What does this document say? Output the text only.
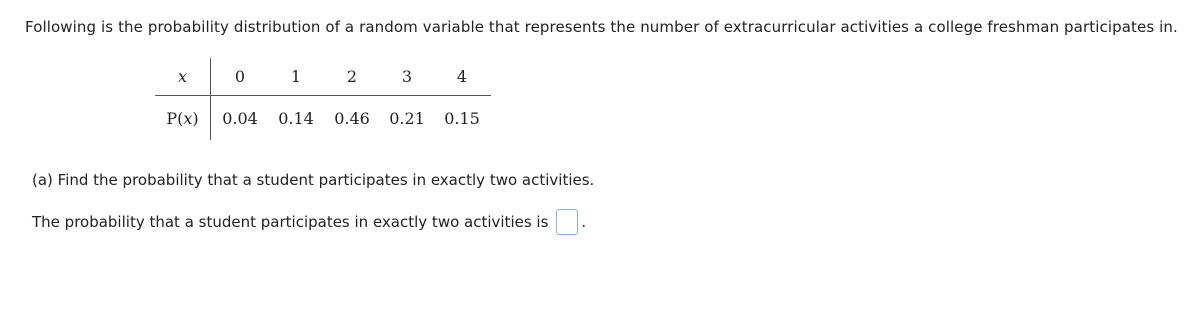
Following is the probability distribution of a random variable that represents the number of extracurricular activities a college freshman participates in.
x	0	1	2	3	4
P(x)	0.04	0.14	0.46	0.21	0.15
(a) Find the probability that a student participates in exactly two activities.
The probability that a student participates in exactly two activities is .
